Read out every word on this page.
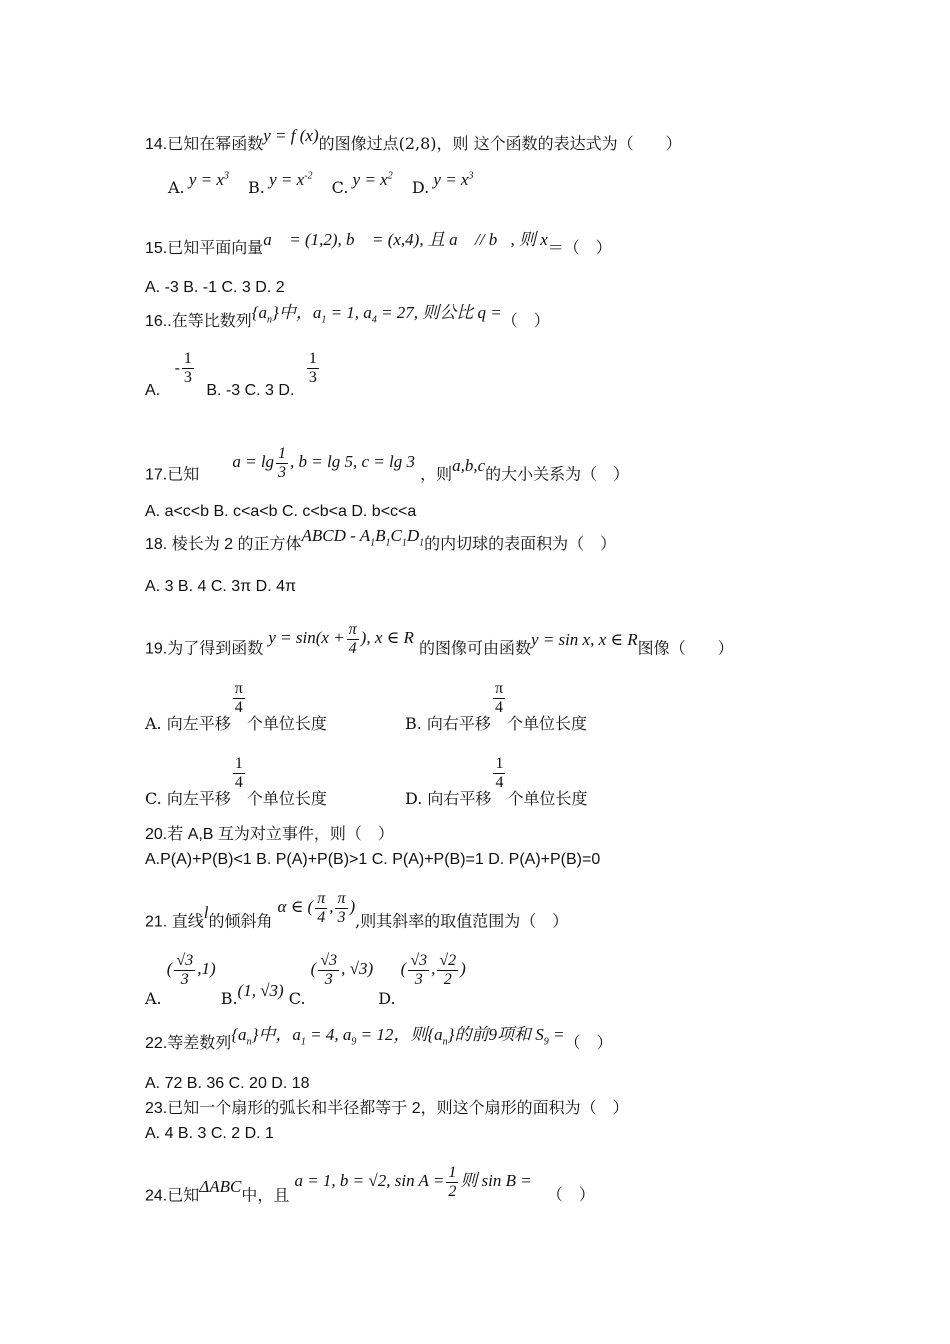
14.已知在幂函数y = f (x)的图像过点(2,8)，则 这个函数的表达式为（　　）
A. $y = x^3$ B. $y = x^{-2}$ C. $y = x^2$ D. $y = x^3$
15.已知平面向量a⃗ = (1,2), b⃗ = (x,4), 且 a⃗ // b⃗, 则 x＝（　）
A. -3 B. -1 C. 3 D. 2
16..在等比数列$\{a_n\}$中，$a_1 = 1$, $a_4 = 27$, 则公比 q =（　）
A. - $\frac{1}{3}$
B. -3 C. 3 D.
$\frac{1}{3}$
17.已知 $a = \lg \frac{1}{3}$ , b = lg 5, c = lg 3 ，则a,b,c的大小关系为（　）
A. a<c<b B. c<a<b C. c<b<a D. b<c<a
18. 棱长为 2 的正方体ABCD - $A_1B_1C_1D_1$的内切球的表面积为（　）
A. 3 B. 4 C. 3π D. 4π
19.为了得到函数 $y = \sin(x + \frac{\pi}{4}$ ), x ∈ R 的图像可由函数y = sin x, x ∈ R图像（　　）
A. 向左平移
$\frac{\pi}{4}$
个单位长度	B. 向右平移
$\frac{\pi}{4}$
个单位长度
C. 向左平移
$\frac{1}{4}$
个单位长度	D. 向右平移
$\frac{1}{4}$
个单位长度
20.若 A,B 互为对立事件，则（　）
A.P(A)+P(B)<1 B. P(A)+P(B)>1 C. P(A)+P(B)=1 D. P(A)+P(B)=0
21. 直线l的倾斜角 α ∈ ( $\frac{\pi}{4}$ , $\frac{\pi}{3}$ ),则其斜率的取值范围为（　）
A. ( $\frac{√3}{3} ,1$) B.(1, √3) C. ( $\frac{√3}{3}$ , √3) D. ( $\frac{√3}{3}$ , $\frac{√2}{2}$ )
22.等差数列$\{a_n\}$中，$a_1 = 4$, $a_9 = 12$，则$\{a_n\}$的前9项和 $S_9$ =（　）
A. 72 B. 36 C. 20 D. 18
23.已知一个扇形的弧长和半径都等于 2，则这个扇形的面积为（　）
A. 4 B. 3 C. 2 D. 1
24.已知ΔABC中，且 a = 1, b = √2, $\sin A = \frac{1}{2}$ 则 sin B = （　）
